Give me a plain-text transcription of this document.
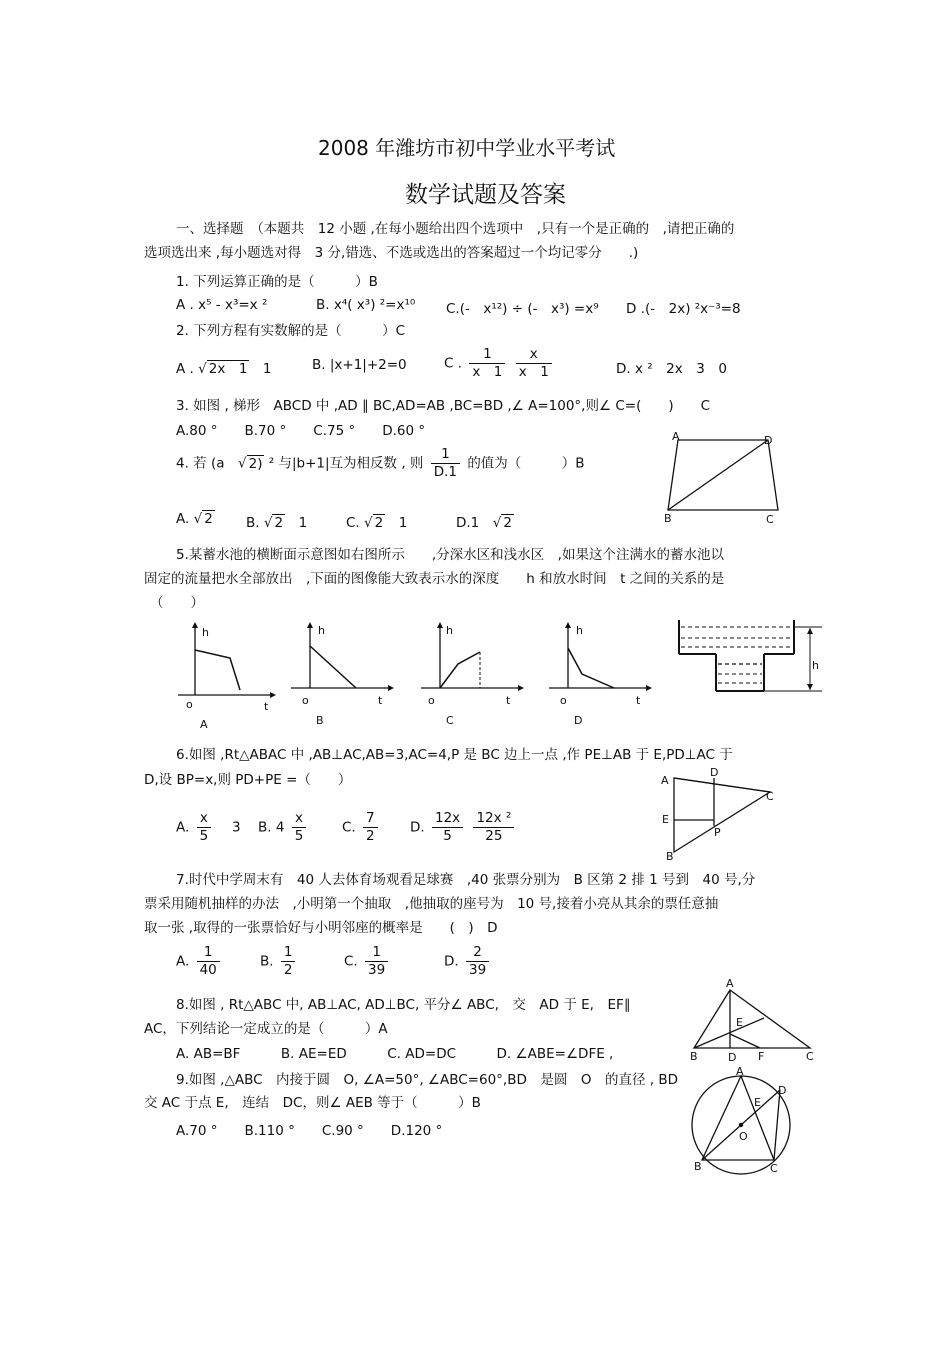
2008 年潍坊市初中学业水平考试
数学试题及答案
一、选择题　（本题共　12 小题 ,在每小题给出四个选项中　,只有一个是正确的　,请把正确的
选项选出来 ,每小题选对得　3 分,错选、不选或选出的答案超过一个均记零分　　.)
1. 下列运算正确的是（　　　）B
A . x⁵ - x³=x ²	B. x⁴( x³) ²=x¹⁰ C.(-　x¹²) ÷ (-　x³) =x⁹ D .(-　2x) ²x⁻³=8
2. 下列方程有实数解的是（　　　）C
A . √ 2x　1　 1	B. |x+1|+2=0	C . $\frac{1}{x 1}$
$\frac{x}{x 1}$	D. x ²　2x　3　0
3. 如图 , 梯形　ABCD 中 ,AD ∥ BC,AD=AB ,BC=BD ,∠ A=100°,则∠ C=(　　)　　C
A.80 °　　B.70 °　　C.75 °　　D.60 °	A	D
B	C
4. 若 (a　√ 2) ² 与|b+1|互为相反数 , 则 $\frac{1}{D.1}$ 的值为（　　　）B
A. √ 2 B. √ 2　 1	C. √ 2　 1	D.1　√ 2
5.某蓄水池的横断面示意图如右图所示　　,分深水区和浅水区　,如果这个注满水的蓄水池以
固定的流量把水全部放出　,下面的图像能大致表示水的深度　　h 和放水时间　t 之间的关系的是
（　　）
h
o	t
A
h
o	t
B
h
o	t
C
h
o	t
D
h
6.如图 ,Rt△ABAC 中 ,AB⊥AC,AB=3,AC=4,P 是 BC 边上一点 ,作 PE⊥AB 于 E,PD⊥AC 于
D,设 BP=x,则 PD+PE =（　　）
A. $\frac{x}{5}$
　 3 B. $4 \frac{x}{5}$	C. $\frac{7}{2} D$. $\frac{12x}{5}$
$\frac{\text{12x ²}}{25}$
A
D
C
E
P
B
7.时代中学周末有　40 人去体育场观看足球赛　,40 张票分别为　B 区第 2 排 1 号到　40 号,分
票采用随机抽样的办法　,小明第一个抽取　,他抽取的座号为　10 号,接着小亮从其余的票任意抽
取一张 ,取得的一张票恰好与小明邻座的概率是　　(　)　D
A. $\frac{1}{40}$	B. $\frac{1}{2}$	C. $\frac{1}{39}$	D. $\frac{2}{39}$
8.如图 , Rt△ABC 中, AB⊥AC, AD⊥BC, 平分∠ ABC,　交　AD 于 E,　EF∥
AC，下列结论一定成立的是（　　　）A
A. AB=BF　　　B. AE=ED　　　C. AD=DC　　　D. ∠ABE=∠DFE ,
A
E
B	D F	C
9.如图 ,△ABC　内接于圆　O, ∠A=50°, ∠ABC=60°,BD　是圆　O　的直径 , BD
交 AC 于点 E,　连结　DC，则∠ AEB 等于（　　　）B
A.70 °　　B.110 °　　C.90 °　　D.120 °
A
D
E
O
B	C
